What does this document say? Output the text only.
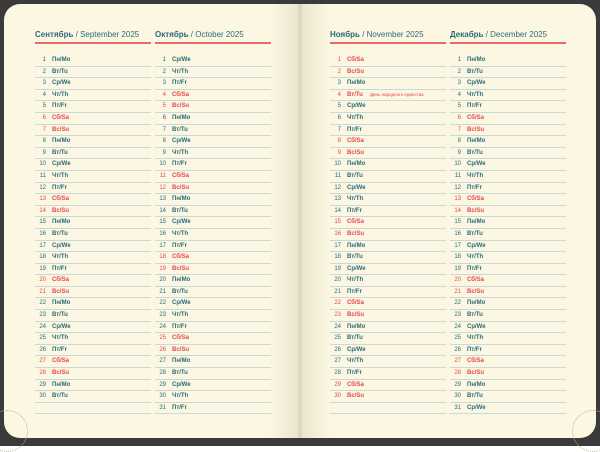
Сентябрь / September 2025
1 Пн/Mo
2 Вт/Tu
3 Ср/We
4 Чт/Th
5 Пт/Fr
6 Сб/Sa
7 Вс/Su
8 Пн/Mo
9 Вт/Tu
10 Ср/We
11 Чт/Th
12 Пт/Fr
13 Сб/Sa
14 Вс/Su
15 Пн/Mo
16 Вт/Tu
17 Ср/We
18 Чт/Th
19 Пт/Fr
20 Сб/Sa
21 Вс/Su
22 Пн/Mo
23 Вт/Tu
24 Ср/We
25 Чт/Th
26 Пт/Fr
27 Сб/Sa
28 Вс/Su
29 Пн/Mo
30 Вт/Tu
Октябрь / October 2025
1 Ср/We
2 Чт/Th
3 Пт/Fr
4 Сб/Sa
5 Вс/Su
6 Пн/Mo
7 Вт/Tu
8 Ср/We
9 Чт/Th
10 Пт/Fr
11 Сб/Sa
12 Вс/Su
13 Пн/Mo
14 Вт/Tu
15 Ср/We
16 Чт/Th
17 Пт/Fr
18 Сб/Sa
19 Вс/Su
20 Пн/Mo
21 Вт/Tu
22 Ср/We
23 Чт/Th
24 Пт/Fr
25 Сб/Sa
26 Вс/Su
27 Пн/Mo
28 Вт/Tu
29 Ср/We
30 Чт/Th
31 Пт/Fr
Ноябрь / November 2025
1 Сб/Sa
2 Вс/Su
3 Пн/Mo
4 Вт/Tu День народного единства
5 Ср/We
6 Чт/Th
7 Пт/Fr
8 Сб/Sa
9 Вс/Su
10 Пн/Mo
11 Вт/Tu
12 Ср/We
13 Чт/Th
14 Пт/Fr
15 Сб/Sa
16 Вс/Su
17 Пн/Mo
18 Вт/Tu
19 Ср/We
20 Чт/Th
21 Пт/Fr
22 Сб/Sa
23 Вс/Su
24 Пн/Mo
25 Вт/Tu
26 Ср/We
27 Чт/Th
28 Пт/Fr
29 Сб/Sa
30 Вс/Su
Декабрь / December 2025
1 Пн/Mo
2 Вт/Tu
3 Ср/We
4 Чт/Th
5 Пт/Fr
6 Сб/Sa
7 Вс/Su
8 Пн/Mo
9 Вт/Tu
10 Ср/We
11 Чт/Th
12 Пт/Fr
13 Сб/Sa
14 Вс/Su
15 Пн/Mo
16 Вт/Tu
17 Ср/We
18 Чт/Th
19 Пт/Fr
20 Сб/Sa
21 Вс/Su
22 Пн/Mo
23 Вт/Tu
24 Ср/We
25 Чт/Th
26 Пт/Fr
27 Сб/Sa
28 Вс/Su
29 Пн/Mo
30 Вт/Tu
31 Ср/We
